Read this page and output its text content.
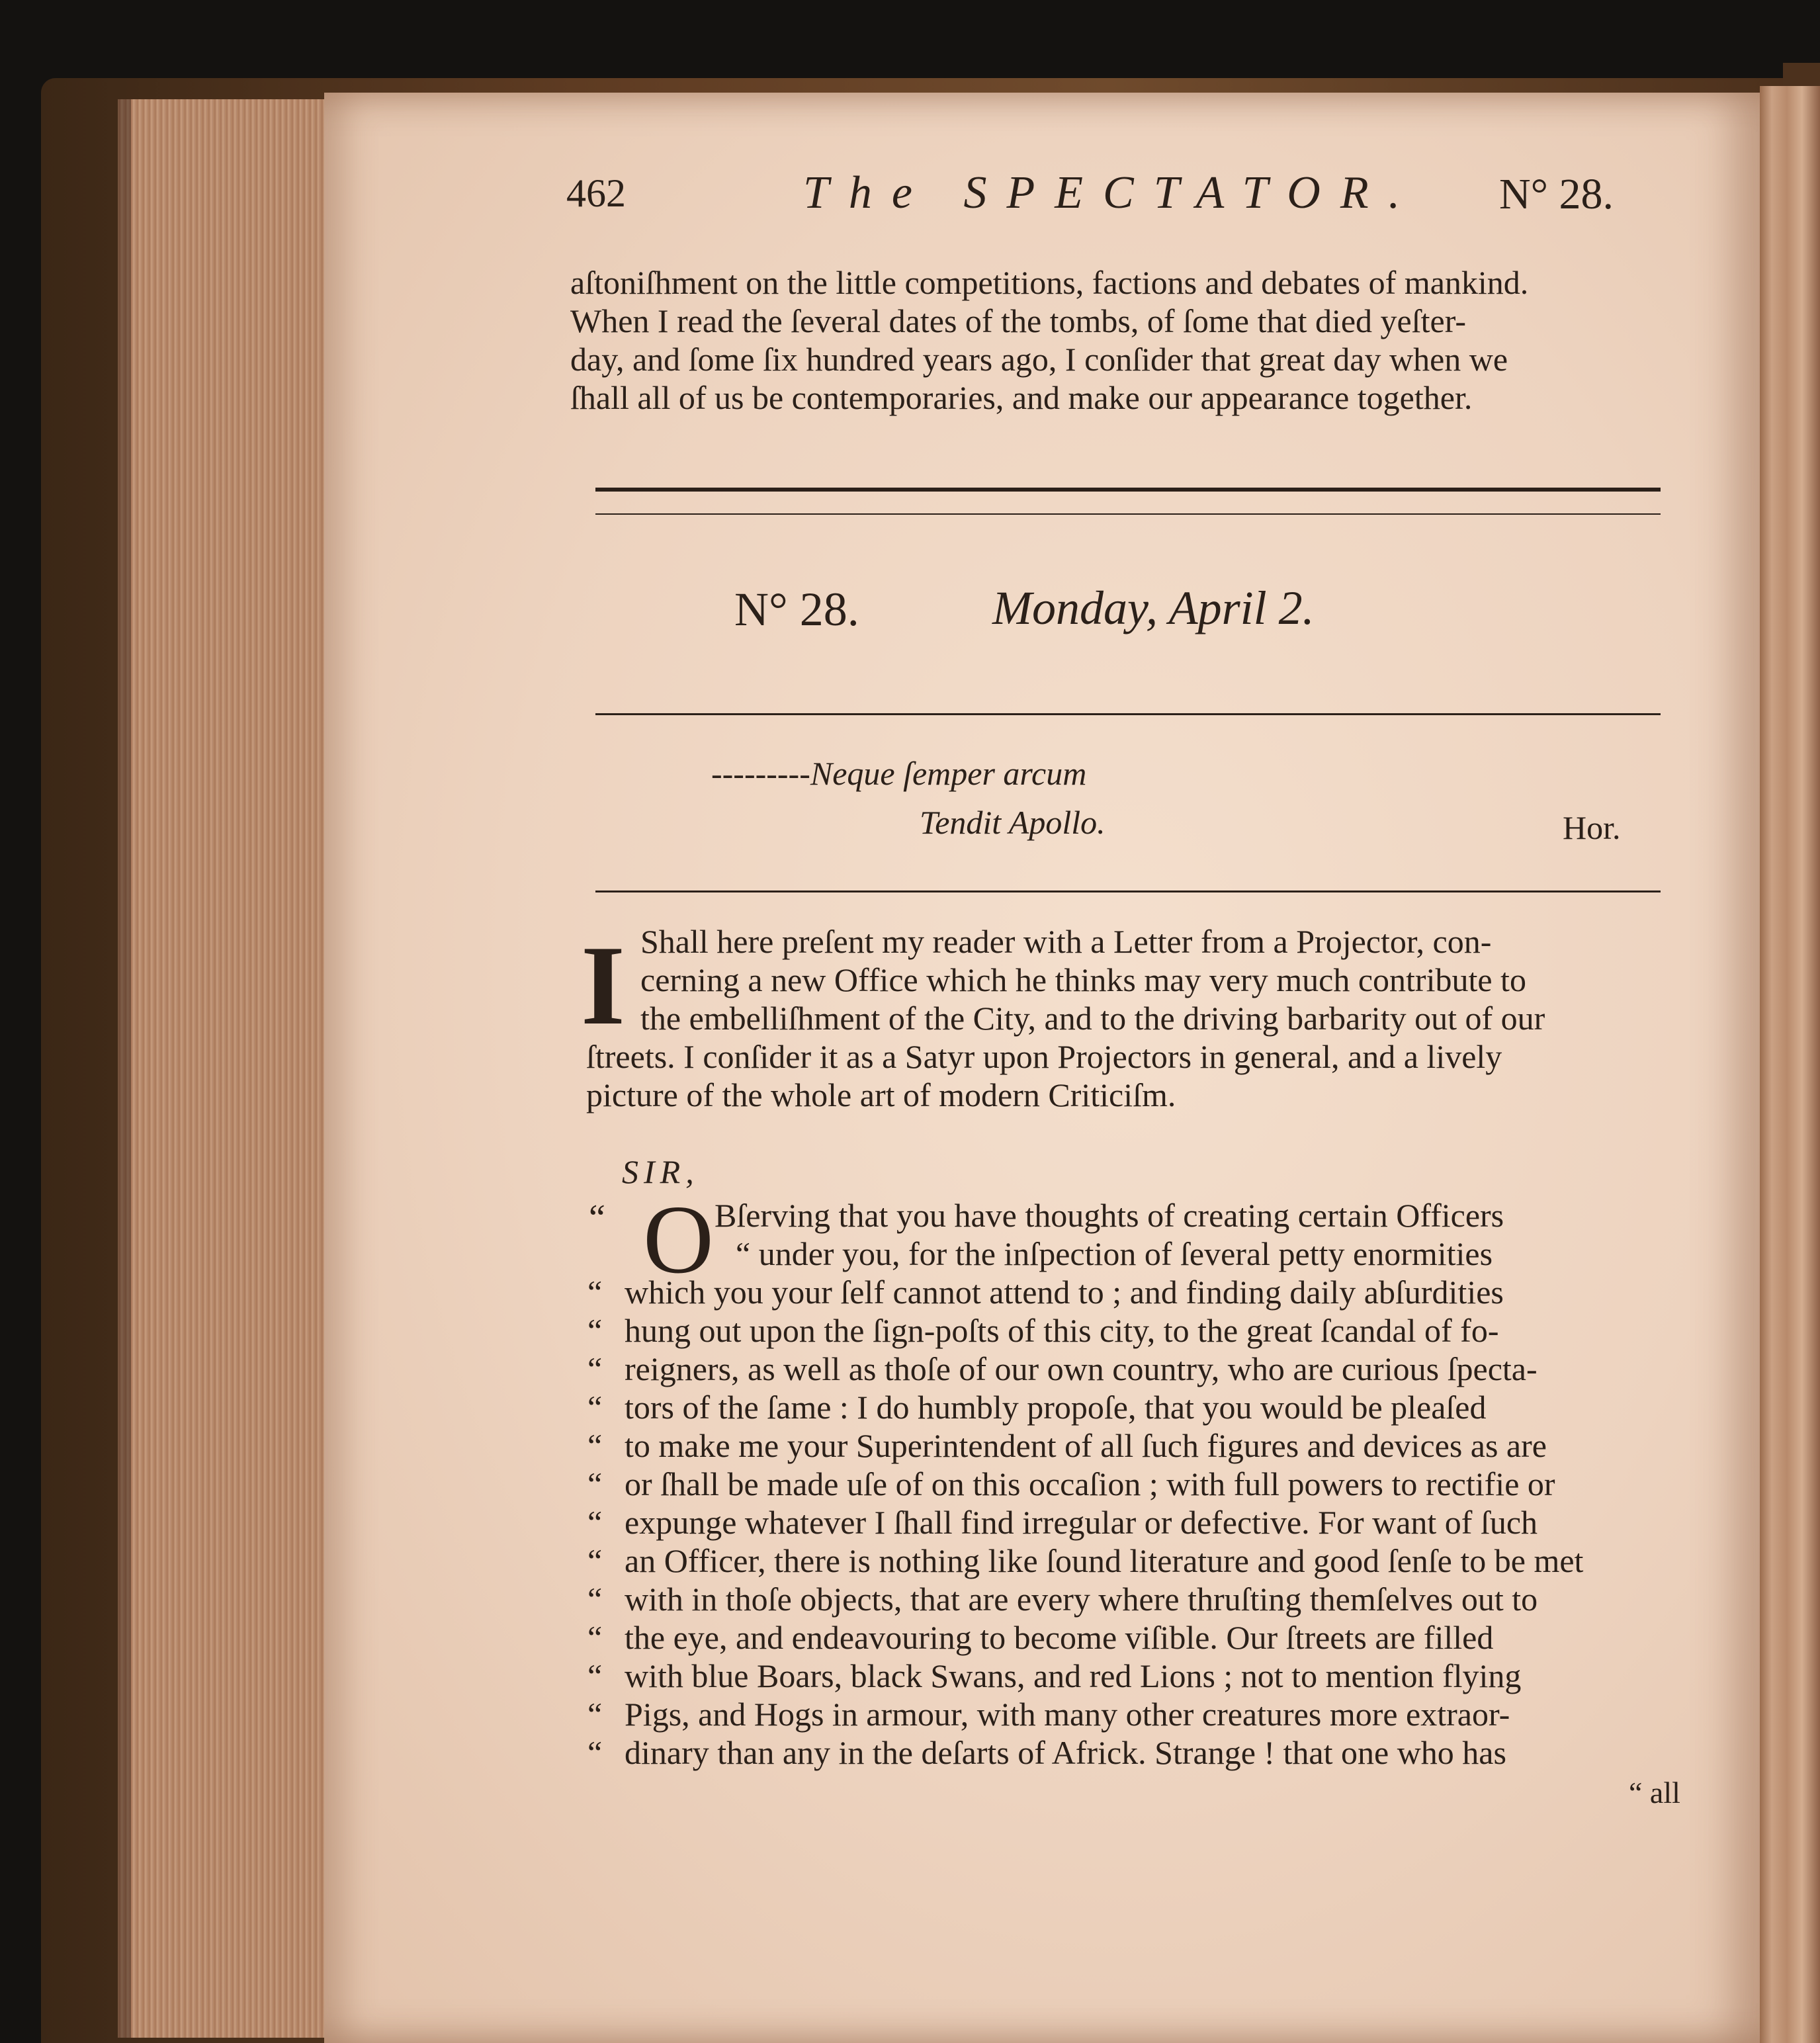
462	The SPECTATOR. N° 28.
aſtoniſhment on the little competitions, factions and debates of mankind.
When I read the ſeveral dates of the tombs, of ſome that died yeſter-
day, and ſome ſix hundred years ago, I conſider that great day when we
ſhall all of us be contemporaries, and make our appearance together.
N° 28.	Monday, April 2.
---------Neque ſemper arcum
Tendit Apollo.	Hor.
I Shall here preſent my reader with a Letter from a Projector, con-
cerning a new Office which he thinks may very much contribute to
the embelliſhment of the City, and to the driving barbarity out of our
ſtreets. I conſider it as a Satyr upon Projectors in general, and a lively
picture of the whole art of modern Criticiſm.
SIR,
“ O Bſerving that you have thoughts of creating certain Officers
“ under you, for the inſpection of ſeveral petty enormities
“ which you your ſelf cannot attend to ; and finding daily abſurdities
“ hung out upon the ſign-poſts of this city, to the great ſcandal of fo-
“ reigners, as well as thoſe of our own country, who are curious ſpecta-
“ tors of the ſame : I do humbly propoſe, that you would be pleaſed
“ to make me your Superintendent of all ſuch figures and devices as are
“ or ſhall be made uſe of on this occaſion ; with full powers to rectifie or
“ expunge whatever I ſhall find irregular or defective. For want of ſuch
“ an Officer, there is nothing like ſound literature and good ſenſe to be met
“ with in thoſe objects, that are every where thruſting themſelves out to
“ the eye, and endeavouring to become viſible. Our ſtreets are filled
“ with blue Boars, black Swans, and red Lions ; not to mention flying
“ Pigs, and Hogs in armour, with many other creatures more extraor-
“ dinary than any in the deſarts of Africk. Strange ! that one who has
“ all
